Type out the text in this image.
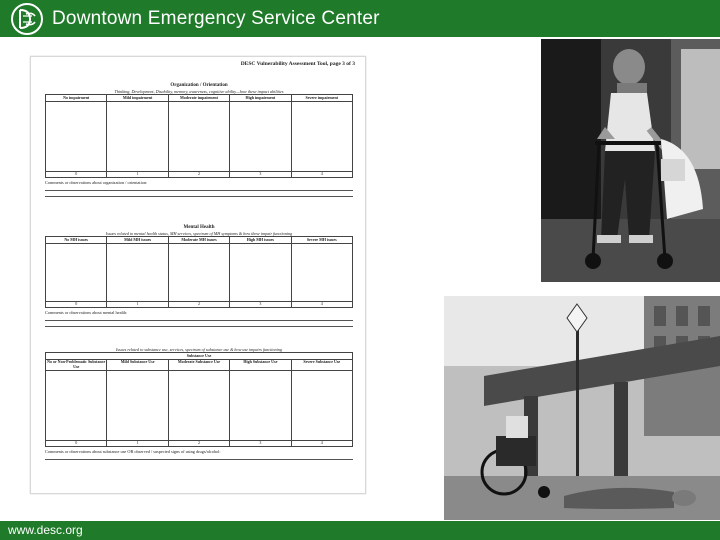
Downtown Emergency Service Center
DESC Vulnerability Assessment Tool, page 3 of 3
Organization / Orientation
Thinking, Development, Disability, memory, awareness, cognitive ability—how these impact abilities
No impairment	Mild impairment	Moderate impairment	High impairment	Severe impairment

0	1	2	3	4
Comments or observations about organization / orientation:
Mental Health
Issues related to mental health status, MH services, spectrum of MH symptoms & how these impair functioning
No MH issues	Mild MH issues	Moderate MH issues	High MH issues	Severe MH issues

0	1	2	3	4
Comments or observations about mental health:
Issues related to substance use, services, spectrum of substance use & how use impairs functioning
Substance Use				
No or Non-Problematic Substance Use	Mild Substance Use	Moderate Substance Use	High Substance Use	Severe Substance Use

0	1	2	3	4
Comments or observations about substance use OR observed / suspected signs of using drugs/alcohol:
www.desc.org
